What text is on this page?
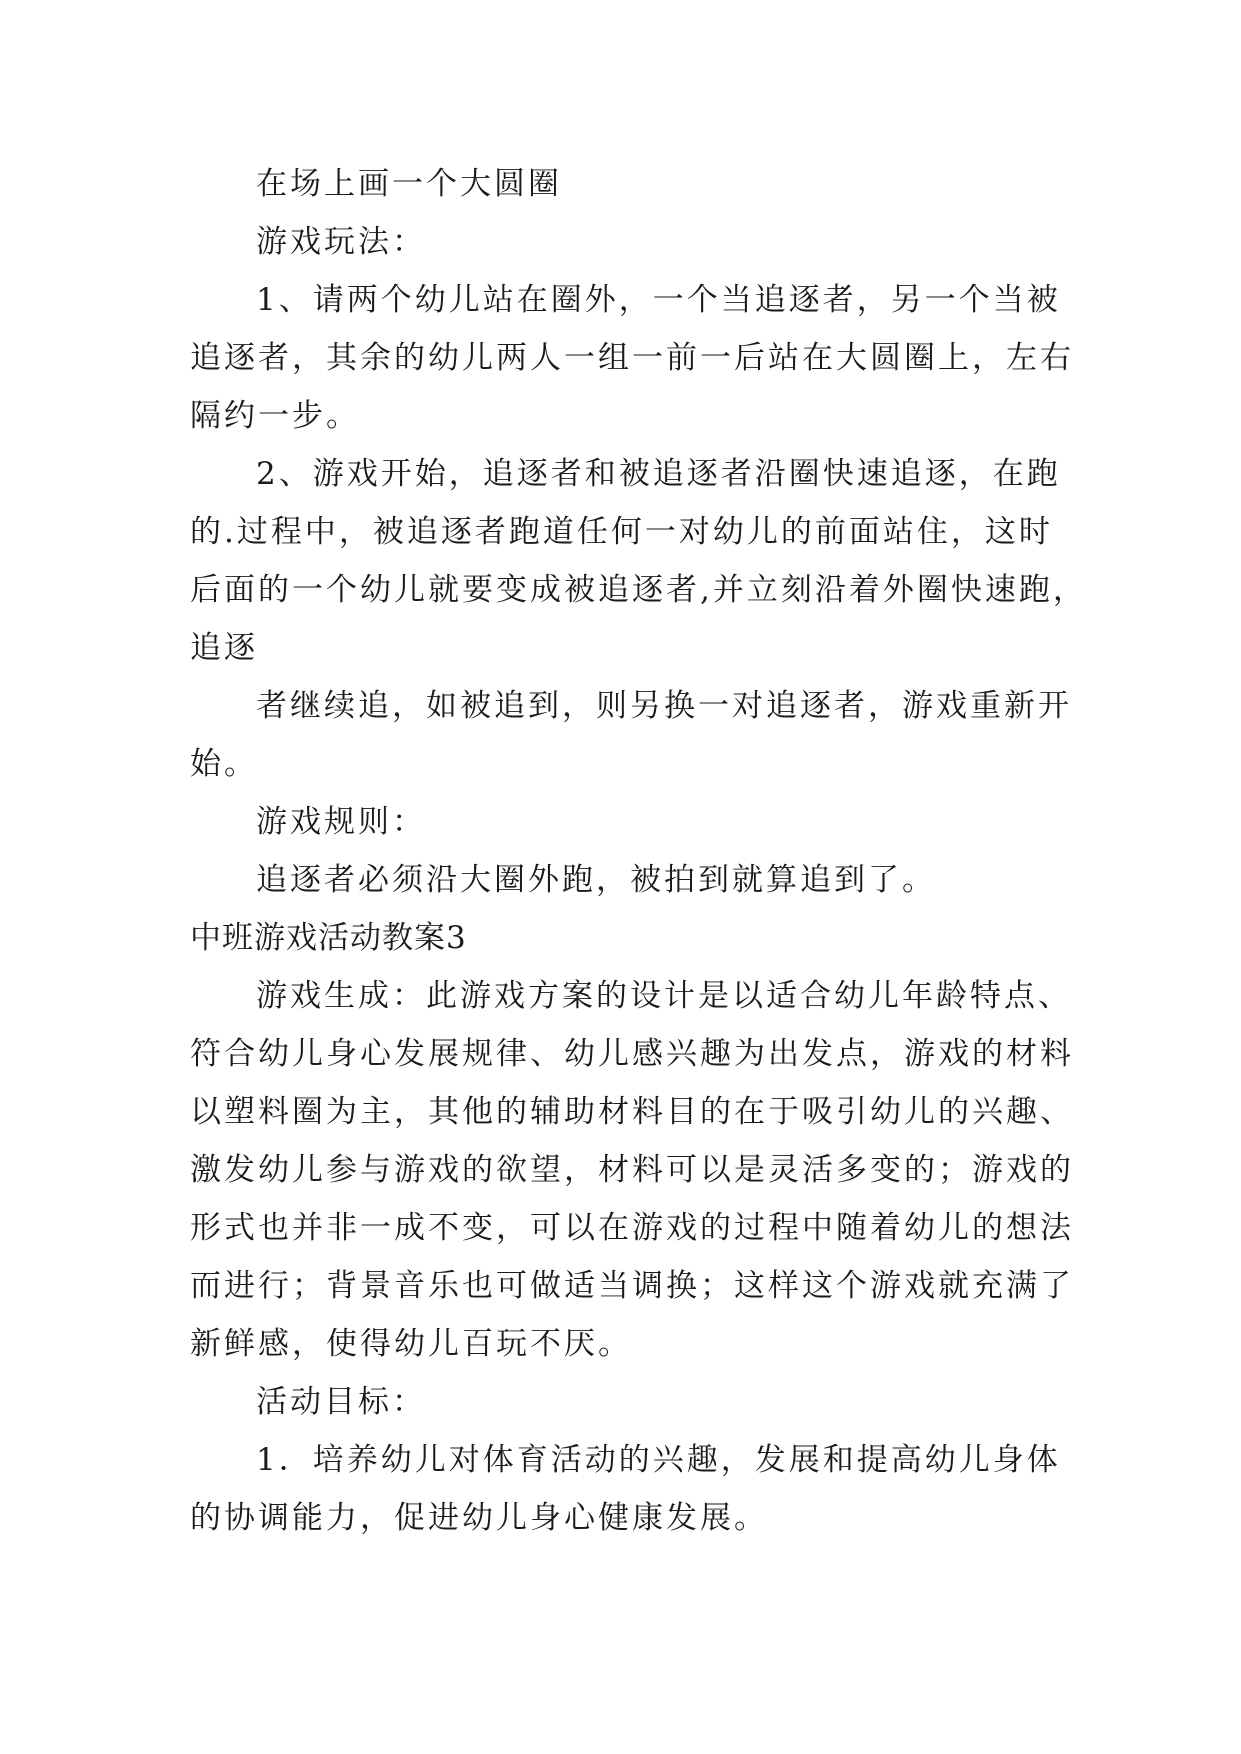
在场上画一个大圆圈
游戏玩法：
1、请两个幼儿站在圈外，一个当追逐者，另一个当被
追逐者，其余的幼儿两人一组一前一后站在大圆圈上，左右
隔约一步。
2、游戏开始，追逐者和被追逐者沿圈快速追逐，在跑
的.过程中，被追逐者跑道任何一对幼儿的前面站住，这时
后面的一个幼儿就要变成被追逐者,并立刻沿着外圈快速跑，
追逐
者继续追，如被追到，则另换一对追逐者，游戏重新开
始。
游戏规则：
追逐者必须沿大圈外跑，被拍到就算追到了。
中班游戏活动教案3
游戏生成：此游戏方案的设计是以适合幼儿年龄特点、
符合幼儿身心发展规律、幼儿感兴趣为出发点，游戏的材料
以塑料圈为主，其他的辅助材料目的在于吸引幼儿的兴趣、
激发幼儿参与游戏的欲望，材料可以是灵活多变的；游戏的
形式也并非一成不变，可以在游戏的过程中随着幼儿的想法
而进行；背景音乐也可做适当调换；这样这个游戏就充满了
新鲜感，使得幼儿百玩不厌。
活动目标：
1．培养幼儿对体育活动的兴趣，发展和提高幼儿身体
的协调能力，促进幼儿身心健康发展。
